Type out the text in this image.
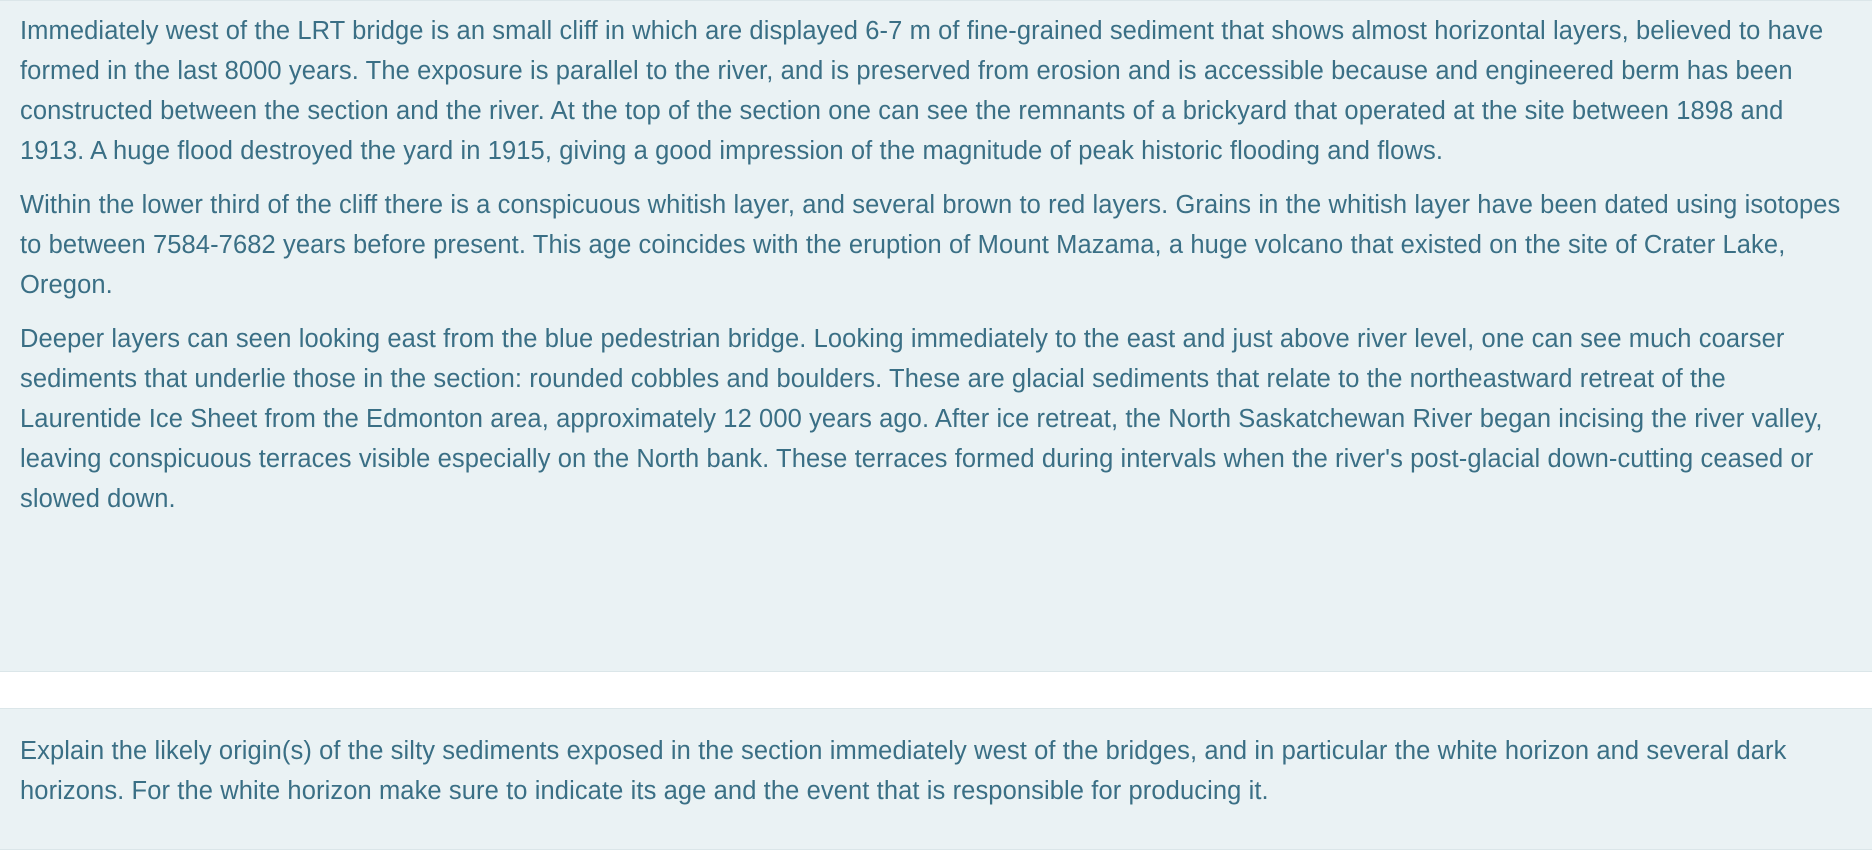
Immediately west of the LRT bridge is an small cliff in which are displayed 6-7 m of fine-grained sediment that shows almost horizontal layers, believed to have formed in the last 8000 years. The exposure is parallel to the river, and is preserved from erosion and is accessible because and engineered berm has been constructed between the section and the river. At the top of the section one can see the remnants of a brickyard that operated at the site between 1898 and 1913. A huge flood destroyed the yard in 1915, giving a good impression of the magnitude of peak historic flooding and flows.

Within the lower third of the cliff there is a conspicuous whitish layer, and several brown to red layers. Grains in the whitish layer have been dated using isotopes to between 7584-7682 years before present. This age coincides with the eruption of Mount Mazama, a huge volcano that existed on the site of Crater Lake, Oregon.

Deeper layers can seen looking east from the blue pedestrian bridge. Looking immediately to the east and just above river level, one can see much coarser sediments that underlie those in the section: rounded cobbles and boulders. These are glacial sediments that relate to the northeastward retreat of the Laurentide Ice Sheet from the Edmonton area, approximately 12 000 years ago. After ice retreat, the North Saskatchewan River began incising the river valley, leaving conspicuous terraces visible especially on the North bank. These terraces formed during intervals when the river's post-glacial down-cutting ceased or slowed down.

Explain the likely origin(s) of the silty sediments exposed in the section immediately west of the bridges, and in particular the white horizon and several dark horizons. For the white horizon make sure to indicate its age and the event that is responsible for producing it.
